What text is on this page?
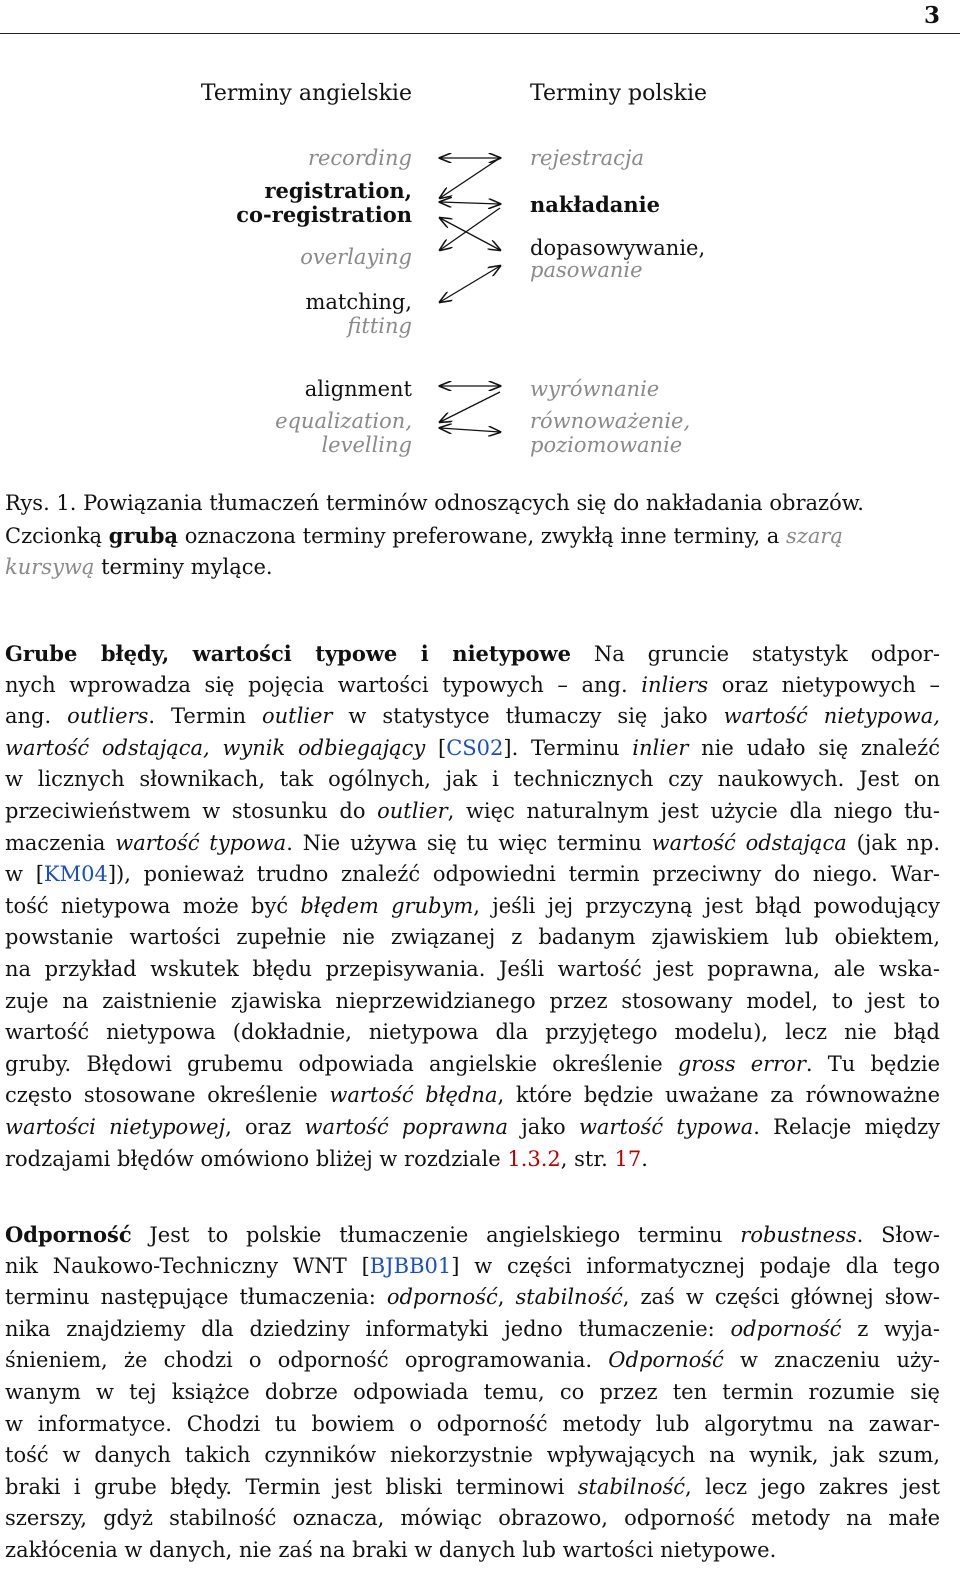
3
Terminy angielskie	Terminy polskie
recording
registration,
co-registration
overlaying
matching,
fitting
alignment
equalization,
levelling
rejestracja
nakładanie
dopasowywanie,
pasowanie
wyrównanie
równoważenie,
poziomowanie
Rys. 1. Powiązania tłumaczeń terminów odnoszących się do nakładania obrazów.
Czcionką grubą oznaczona terminy preferowane, zwykłą inne terminy, a szarą
kursywą terminy mylące.
Grube błędy, wartości typowe i nietypowe Na gruncie statystyk odpor-
nych wprowadza się pojęcia wartości typowych – ang. inliers oraz nietypowych –
ang. outliers. Termin outlier w statystyce tłumaczy się jako wartość nietypowa,
wartość odstająca, wynik odbiegający [CS02]. Terminu inlier nie udało się znaleźć
w licznych słownikach, tak ogólnych, jak i technicznych czy naukowych. Jest on
przeciwieństwem w stosunku do outlier, więc naturalnym jest użycie dla niego tłu-
maczenia wartość typowa. Nie używa się tu więc terminu wartość odstająca (jak np.
w [KM04]), ponieważ trudno znaleźć odpowiedni termin przeciwny do niego. War-
tość nietypowa może być błędem grubym, jeśli jej przyczyną jest błąd powodujący
powstanie wartości zupełnie nie związanej z badanym zjawiskiem lub obiektem,
na przykład wskutek błędu przepisywania. Jeśli wartość jest poprawna, ale wska-
zuje na zaistnienie zjawiska nieprzewidzianego przez stosowany model, to jest to
wartość nietypowa (dokładnie, nietypowa dla przyjętego modelu), lecz nie błąd
gruby. Błędowi grubemu odpowiada angielskie określenie gross error. Tu będzie
często stosowane określenie wartość błędna, które będzie uważane za równoważne
wartości nietypowej, oraz wartość poprawna jako wartość typowa. Relacje między
rodzajami błędów omówiono bliżej w rozdziale 1.3.2, str. 17.
Odporność Jest to polskie tłumaczenie angielskiego terminu robustness. Słow-
nik Naukowo-Techniczny WNT [BJBB01] w części informatycznej podaje dla tego
terminu następujące tłumaczenia: odporność, stabilność, zaś w części głównej słow-
nika znajdziemy dla dziedziny informatyki jedno tłumaczenie: odporność z wyja-
śnieniem, że chodzi o odporność oprogramowania. Odporność w znaczeniu uży-
wanym w tej książce dobrze odpowiada temu, co przez ten termin rozumie się
w informatyce. Chodzi tu bowiem o odporność metody lub algorytmu na zawar-
tość w danych takich czynników niekorzystnie wpływających na wynik, jak szum,
braki i grube błędy. Termin jest bliski terminowi stabilność, lecz jego zakres jest
szerszy, gdyż stabilność oznacza, mówiąc obrazowo, odporność metody na małe
zakłócenia w danych, nie zaś na braki w danych lub wartości nietypowe.
